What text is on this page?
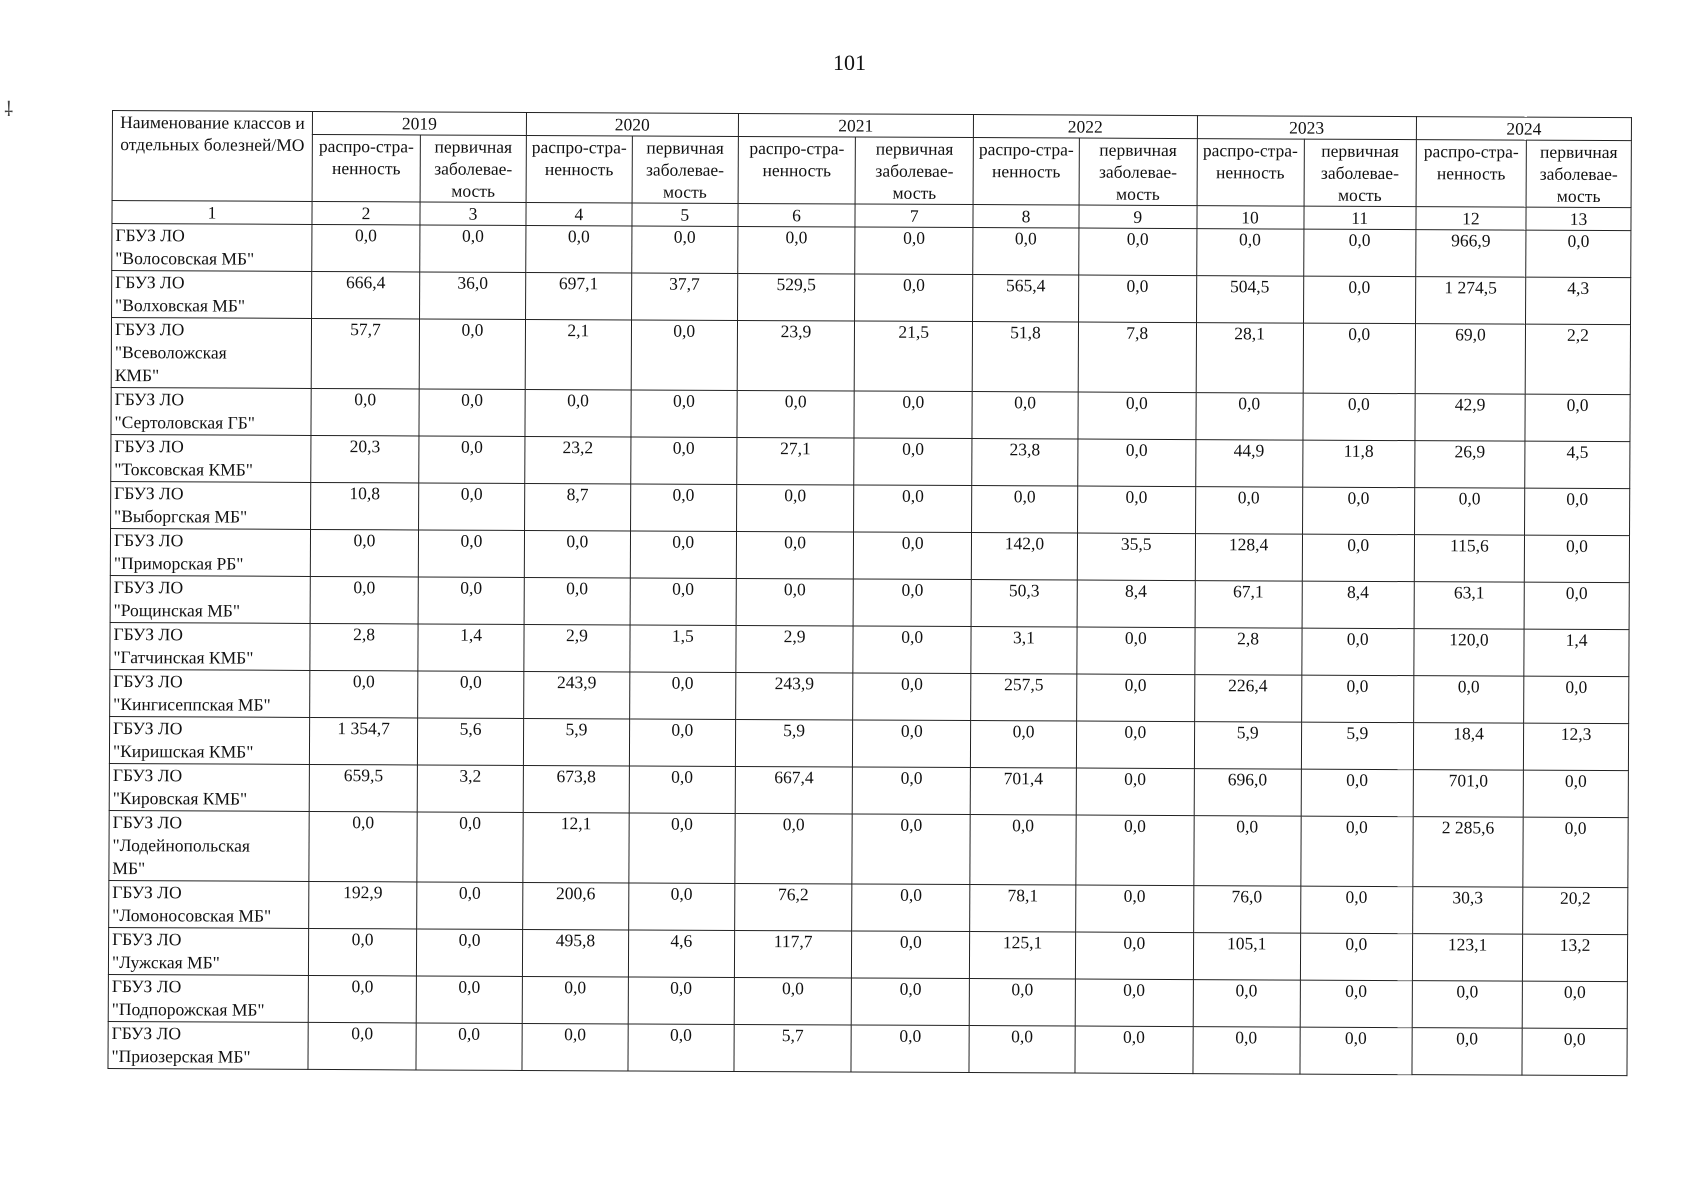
101
⸸
Наименование классов и отдельных болезней/МО	2019		2020		2021		2022		2023		2024	
	распро-стра-ненность	первичная заболевае-мость	распро-стра-ненность	первичная заболевае-мость	распро-стра-ненность	первичная заболевае-мость	распро-стра-ненность	первичная заболевае-мость	распро-стра-ненность	первичная заболевае-мость	распро-стра-ненность	первичная заболевае-мость
1	2	3	4	5	6	7	8	9	10	11	12	13

ГБУЗ ЛО
"Волосовская МБ"	0,0	0,0	0,0	0,0	0,0	0,0	0,0	0,0	0,0	0,0	966,9	0,0

ГБУЗ ЛО
"Волховская МБ"	666,4	36,0	697,1	37,7	529,5	0,0	565,4	0,0	504,5	0,0	1 274,5	4,3

ГБУЗ ЛО
"Всеволожская
КМБ"	57,7	0,0	2,1	0,0	23,9	21,5	51,8	7,8	28,1	0,0	69,0	2,2

ГБУЗ ЛО
"Сертоловская ГБ"	0,0	0,0	0,0	0,0	0,0	0,0	0,0	0,0	0,0	0,0	42,9	0,0

ГБУЗ ЛО
"Токсовская КМБ"	20,3	0,0	23,2	0,0	27,1	0,0	23,8	0,0	44,9	11,8	26,9	4,5

ГБУЗ ЛО
"Выборгская МБ"	10,8	0,0	8,7	0,0	0,0	0,0	0,0	0,0	0,0	0,0	0,0	0,0

ГБУЗ ЛО
"Приморская РБ"	0,0	0,0	0,0	0,0	0,0	0,0	142,0	35,5	128,4	0,0	115,6	0,0

ГБУЗ ЛО
"Рощинская МБ"	0,0	0,0	0,0	0,0	0,0	0,0	50,3	8,4	67,1	8,4	63,1	0,0

ГБУЗ ЛО
"Гатчинская КМБ"	2,8	1,4	2,9	1,5	2,9	0,0	3,1	0,0	2,8	0,0	120,0	1,4

ГБУЗ ЛО
"Кингисеппская МБ"	0,0	0,0	243,9	0,0	243,9	0,0	257,5	0,0	226,4	0,0	0,0	0,0

ГБУЗ ЛО
"Киришская КМБ"	1 354,7	5,6	5,9	0,0	5,9	0,0	0,0	0,0	5,9	5,9	18,4	12,3

ГБУЗ ЛО
"Кировская КМБ"	659,5	3,2	673,8	0,0	667,4	0,0	701,4	0,0	696,0	0,0	701,0	0,0

ГБУЗ ЛО
"Лодейнопольская
МБ"	0,0	0,0	12,1	0,0	0,0	0,0	0,0	0,0	0,0	0,0	2 285,6	0,0

ГБУЗ ЛО
"Ломоносовская МБ"	192,9	0,0	200,6	0,0	76,2	0,0	78,1	0,0	76,0	0,0	30,3	20,2

ГБУЗ ЛО
"Лужская МБ"	0,0	0,0	495,8	4,6	117,7	0,0	125,1	0,0	105,1	0,0	123,1	13,2

ГБУЗ ЛО
"Подпорожская МБ"	0,0	0,0	0,0	0,0	0,0	0,0	0,0	0,0	0,0	0,0	0,0	0,0

ГБУЗ ЛО
"Приозерская МБ"	0,0	0,0	0,0	0,0	5,7	0,0	0,0	0,0	0,0	0,0	0,0	0,0
